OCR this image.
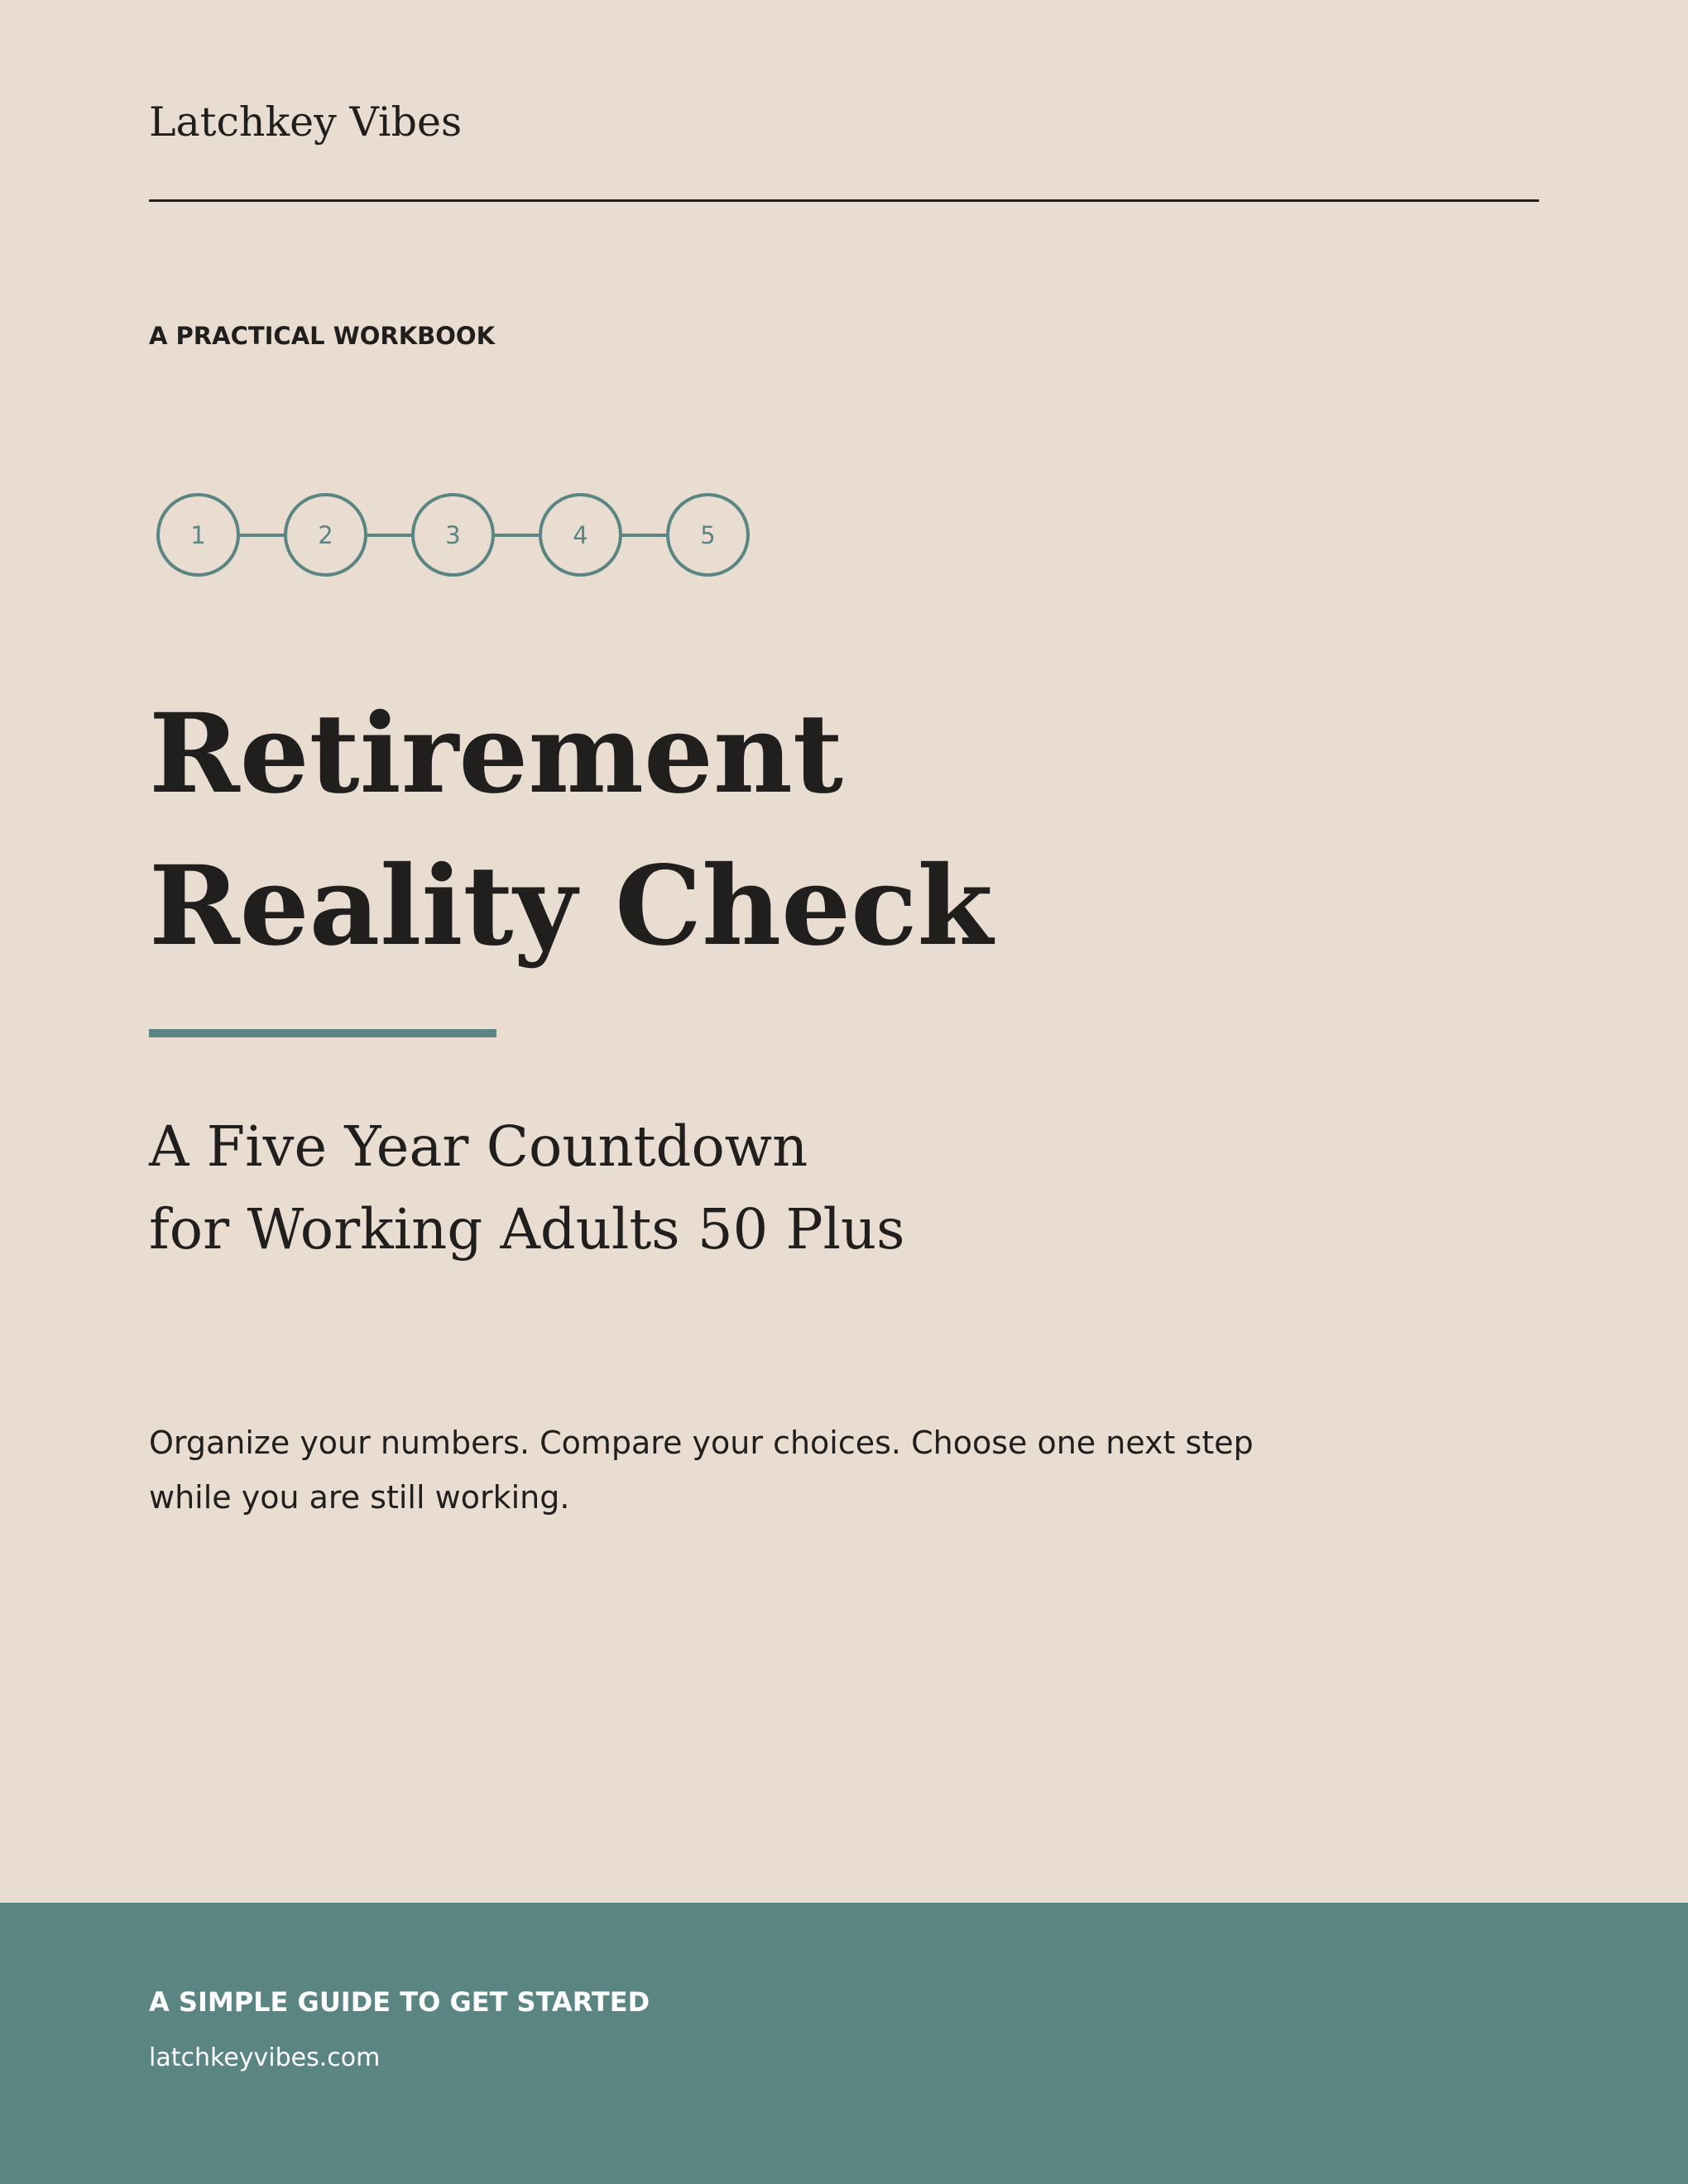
Latchkey Vibes
A PRACTICAL WORKBOOK
1	2	3	4	5
Retirement
Reality Check
A Five Year Countdown
for Working Adults 50 Plus
Organize your numbers. Compare your choices. Choose one next step
while you are still working.
A SIMPLE GUIDE TO GET STARTED
latchkeyvibes.com
